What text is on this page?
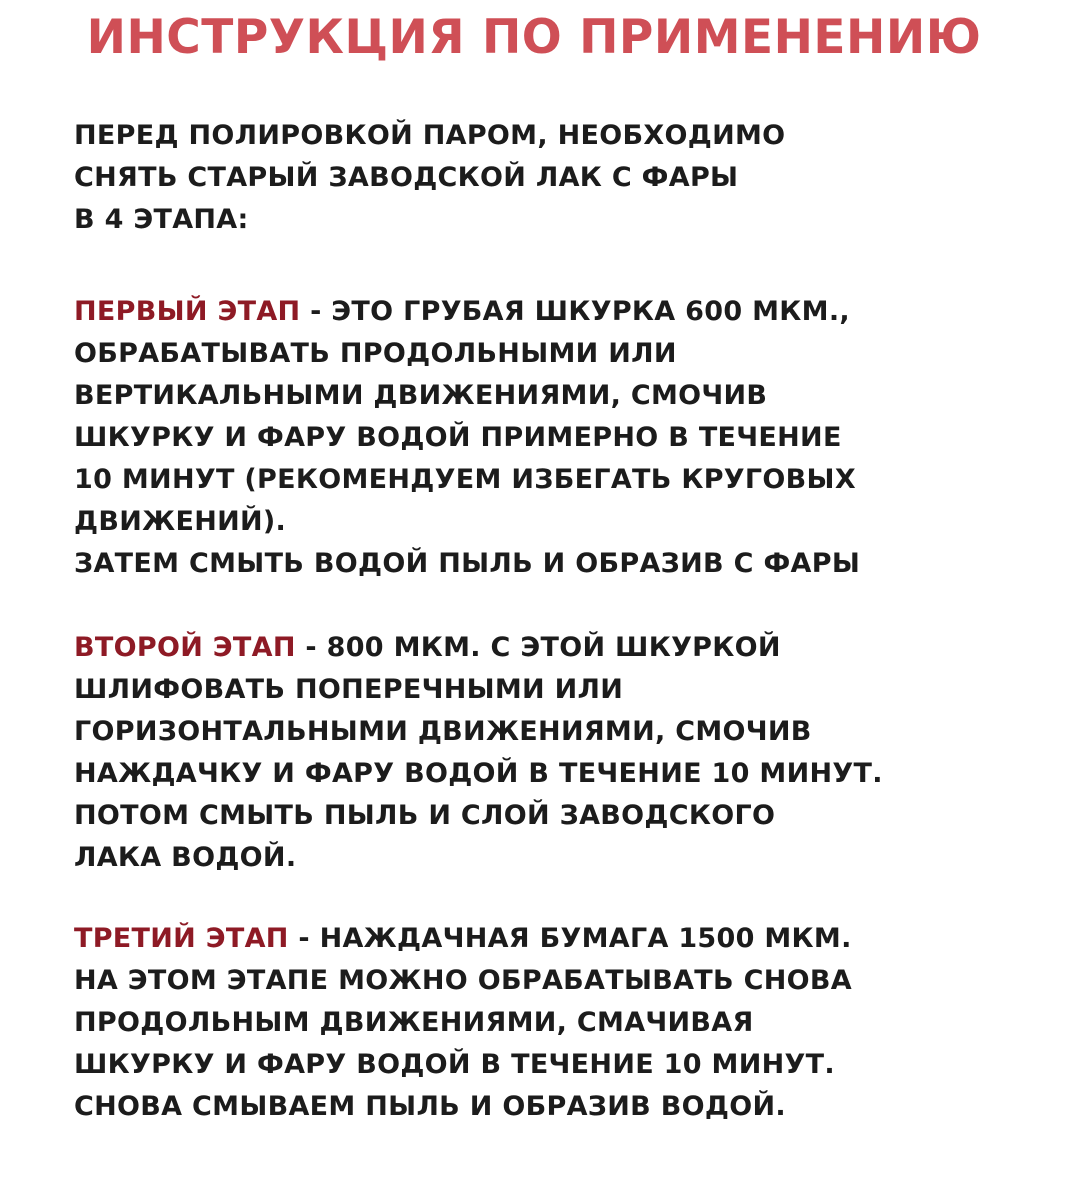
ИНСТРУКЦИЯ ПО ПРИМЕНЕНИЮ

ПЕРЕД ПОЛИРОВКОЙ ПАРОМ, НЕОБХОДИМО
СНЯТЬ СТАРЫЙ ЗАВОДСКОЙ ЛАК С ФАРЫ
В 4 ЭТАПА:

ПЕРВЫЙ ЭТАП - ЭТО ГРУБАЯ ШКУРКА 600 МКМ.,
ОБРАБАТЫВАТЬ ПРОДОЛЬНЫМИ ИЛИ
ВЕРТИКАЛЬНЫМИ ДВИЖЕНИЯМИ, СМОЧИВ
ШКУРКУ И ФАРУ ВОДОЙ ПРИМЕРНО В ТЕЧЕНИЕ
10 МИНУТ (РЕКОМЕНДУЕМ ИЗБЕГАТЬ КРУГОВЫХ
ДВИЖЕНИЙ).
ЗАТЕМ СМЫТЬ ВОДОЙ ПЫЛЬ И ОБРАЗИВ С ФАРЫ

ВТОРОЙ ЭТАП - 800 МКМ. С ЭТОЙ ШКУРКОЙ
ШЛИФОВАТЬ ПОПЕРЕЧНЫМИ ИЛИ
ГОРИЗОНТАЛЬНЫМИ ДВИЖЕНИЯМИ, СМОЧИВ
НАЖДАЧКУ И ФАРУ ВОДОЙ В ТЕЧЕНИЕ 10 МИНУТ.
ПОТОМ СМЫТЬ ПЫЛЬ И СЛОЙ ЗАВОДСКОГО
ЛАКА ВОДОЙ.

ТРЕТИЙ ЭТАП - НАЖДАЧНАЯ БУМАГА 1500 МКМ.
НА ЭТОМ ЭТАПЕ МОЖНО ОБРАБАТЫВАТЬ СНОВА
ПРОДОЛЬНЫМ ДВИЖЕНИЯМИ, СМАЧИВАЯ
ШКУРКУ И ФАРУ ВОДОЙ В ТЕЧЕНИЕ 10 МИНУТ.
СНОВА СМЫВАЕМ ПЫЛЬ И ОБРАЗИВ ВОДОЙ.
